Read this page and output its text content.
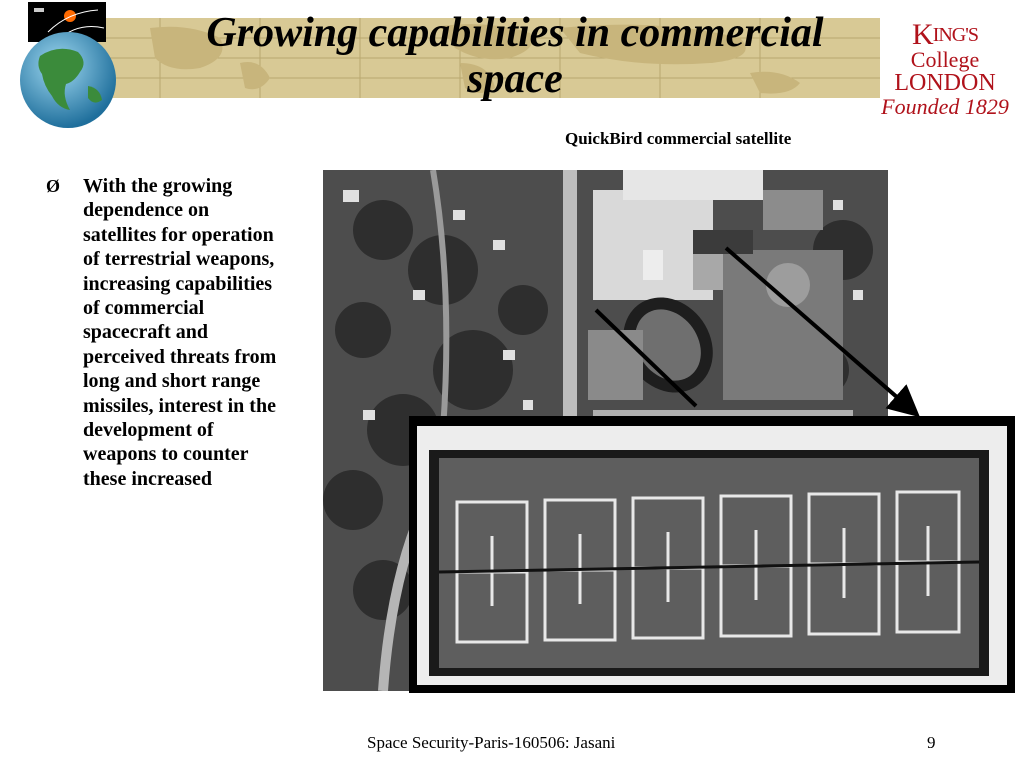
Growing capabilities in commercial space
$K^{ING'S}$
College
LONDON
Founded 1829
QuickBird commercial satellite
Ø With the growing dependence on satellites for operation of terrestrial weapons, increasing capabilities of commercial spacecraft and perceived threats from long and short range missiles, interest in the development of weapons to counter these increased
Space Security-Paris-160506: Jasani	9
